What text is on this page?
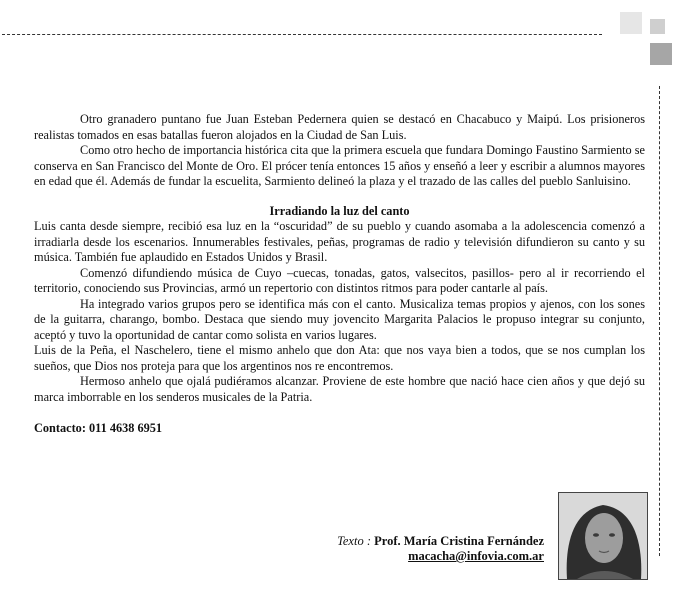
Otro granadero puntano fue Juan Esteban Pedernera quien se destacó en Chacabuco y Maipú. Los prisioneros realistas tomados en esas batallas fueron alojados en la Ciudad de San Luis.

Como otro hecho de importancia histórica cita que la primera escuela que fundara Domingo Faustino Sarmiento se conserva en San Francisco del Monte de Oro. El prócer tenía entonces 15 años y enseñó a leer y escribir a alumnos mayores en edad que él. Además de fundar la escuelita, Sarmiento delineó la plaza y el trazado de las calles del pueblo Sanluisino.

Irradiando la luz del canto

Luis canta desde siempre, recibió esa luz en la “oscuridad” de su pueblo y cuando asomaba a la adolescencia comenzó a irradiarla desde los escenarios. Innumerables festivales, peñas, programas de radio y televisión difundieron su canto y su música. También fue aplaudido en Estados Unidos y Brasil.

Comenzó difundiendo música de Cuyo –cuecas, tonadas, gatos, valsecitos, pasillos- pero al ir recorriendo el territorio, conociendo sus Provincias, armó un repertorio con distintos ritmos para poder cantarle al país.

Ha integrado varios grupos pero se identifica más con el canto. Musicaliza temas propios y ajenos, con los sones de la guitarra, charango, bombo. Destaca que siendo muy jovencito Margarita Palacios le propuso integrar su conjunto, aceptó y tuvo la oportunidad de cantar como solista en varios lugares.

Luis de la Peña, el Naschelero, tiene el mismo anhelo que don Ata: que nos vaya bien a todos, que se nos cumplan los sueños, que Dios nos proteja para que los argentinos nos re encontremos.

Hermoso anhelo que ojalá pudiéramos alcanzar. Proviene de este hombre que nació hace cien años y que dejó su marca imborrable en los senderos musicales de la Patria.

Contacto: 011 4638 6951

Texto : Prof. María Cristina Fernández
macacha@infovia.com.ar
